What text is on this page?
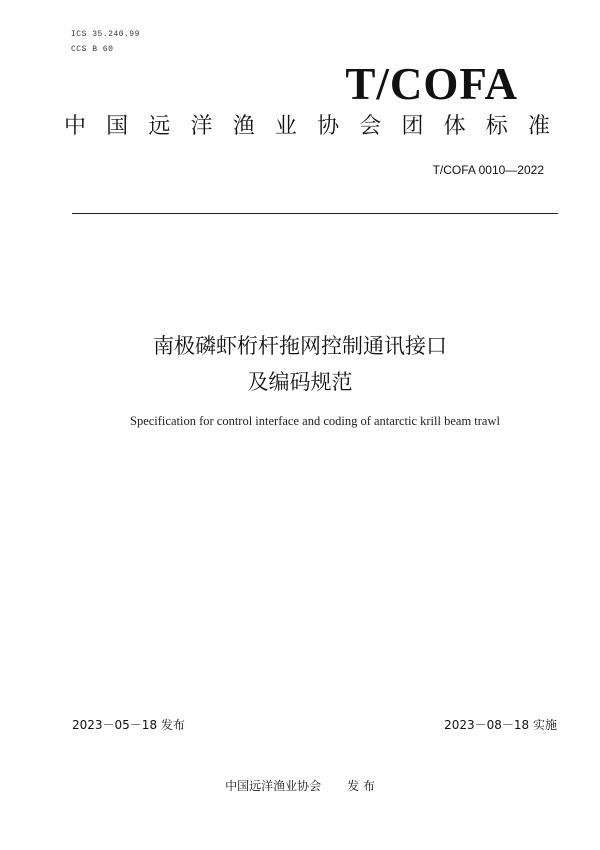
ICS 35.240.99
CCS B 60
T/COFA
中国远洋渔业协会团体标准
T/COFA 0010—2022
南极磷虾桁杆拖网控制通讯接口
及编码规范
Specification for control interface and coding of antarctic krill beam trawl
2023－05－18 发布	2023－08－18 实施
中国远洋渔业协会 发 布
